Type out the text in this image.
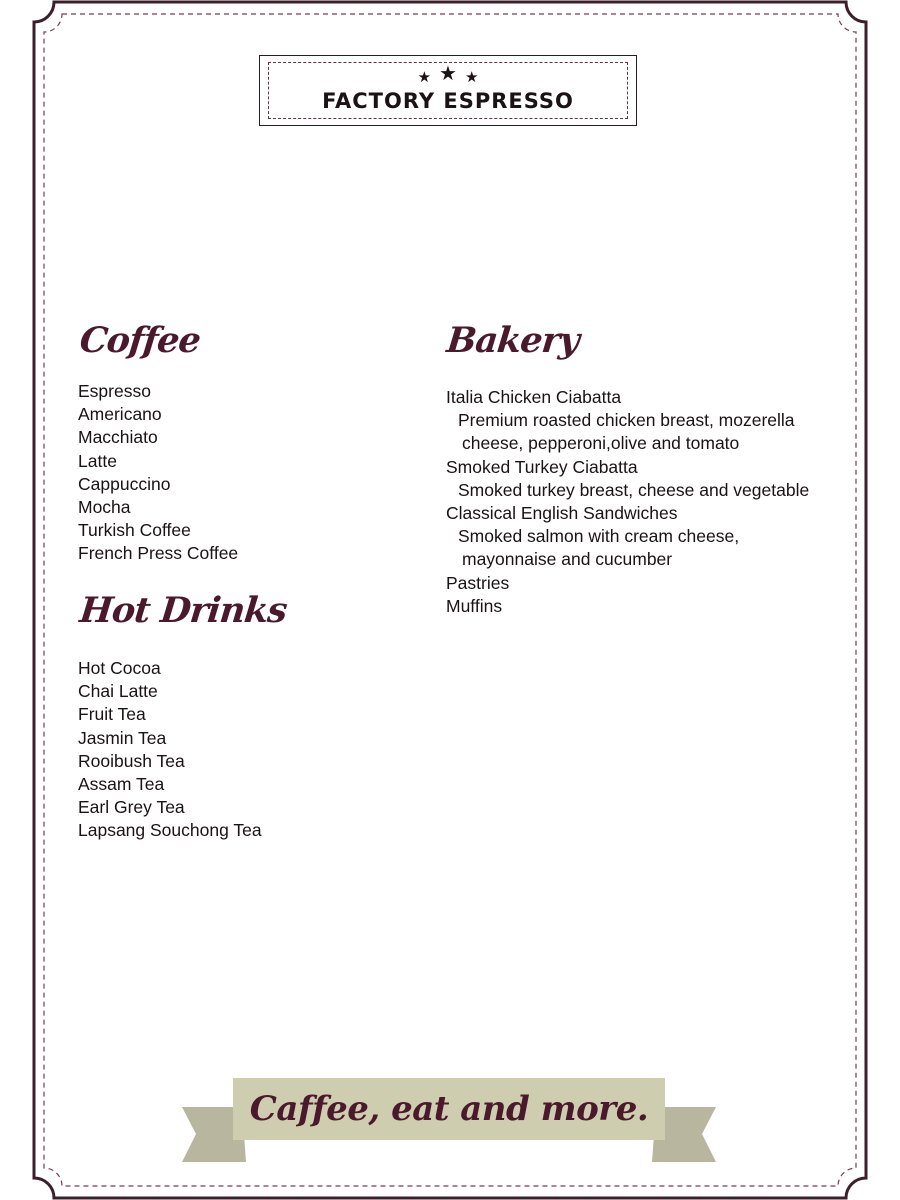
★ ★ ★
FACTORY ESPRESSO
Coffee
Espresso
Americano
Macchiato
Latte
Cappuccino
Mocha
Turkish Coffee
French Press Coffee
Hot Drinks
Hot Cocoa
Chai Latte
Fruit Tea
Jasmin Tea
Rooibush Tea
Assam Tea
Earl Grey Tea
Lapsang Souchong Tea
Bakery
Italia Chicken Ciabatta
Premium roasted chicken breast, mozerella
cheese, pepperoni,olive and tomato
Smoked Turkey Ciabatta
Smoked turkey breast, cheese and vegetable
Classical English Sandwiches
Smoked salmon with cream cheese,
mayonnaise and cucumber
Pastries
Muffins
Caffee, eat and more.
